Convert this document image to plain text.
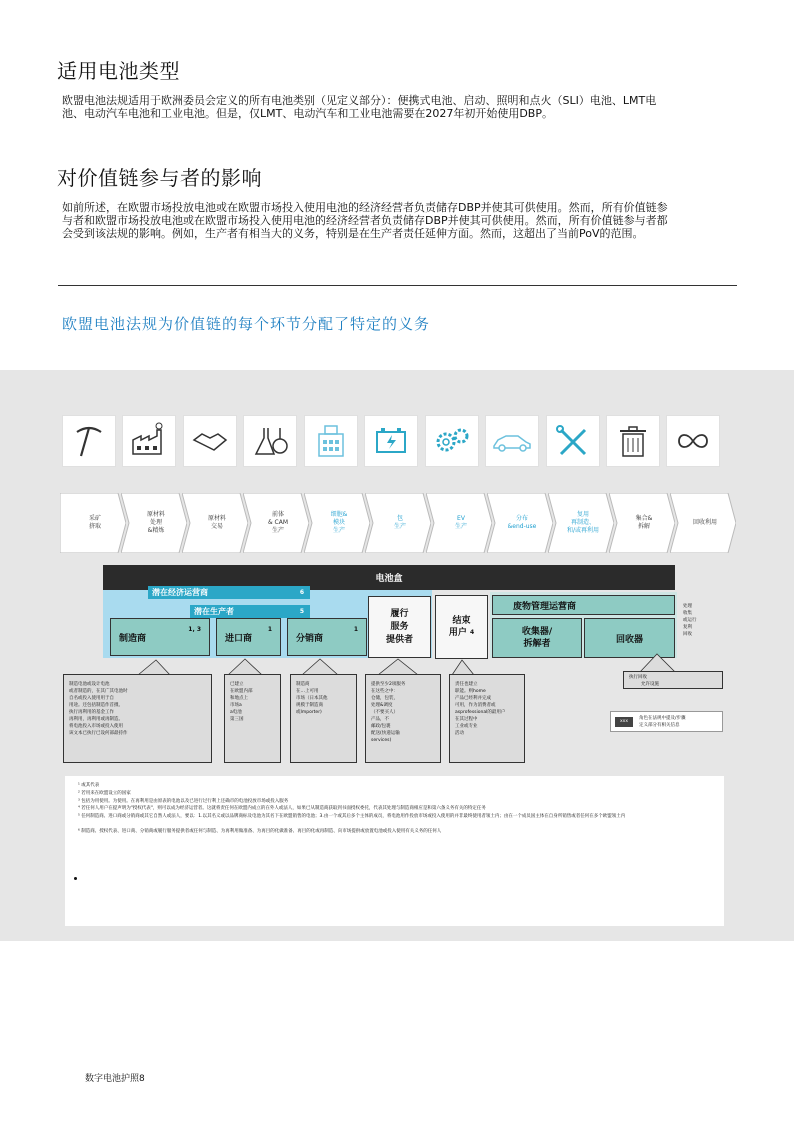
适用电池类型
欧盟电池法规适用于欧洲委员会定义的所有电池类别（见定义部分）：便携式电池、启动、照明和点火（SLI）电池、LMT电
池、电动汽车电池和工业电池。但是，仅LMT、电动汽车和工业电池需要在2027年初开始使用DBP。
对价值链参与者的影响
如前所述，在欧盟市场投放电池或在欧盟市场投入使用电池的经济经营者负责储存DBP并使其可供使用。然而，所有价值链参
与者和欧盟市场投放电池或在欧盟市场投入使用电池的经济经营者负责储存DBP并使其可供使用。然而，所有价值链参与者都
会受到该法规的影响。例如，生产者有相当大的义务，特别是在生产者责任延伸方面。然而，这超出了当前PoV的范围。
欧盟电池法规为价值链的每个环节分配了特定的义务
采矿
挤取
原材料
处理
&精炼
原材料
交易
前体
& CAM
生产
细胞&
模块
生产
包
生产
EV
生产
分布
&end-use
复用
再制造、
和/或再利用
集合&
拆解
回收利用
电池盒
潜在经济运营商	6
潜在生产者	5
制造商
1, 3
进口商
1
分销商
1
履行
服务
提供者
结束
用户 $^4$
废物管理运营商
收集器/
拆解者	回收器
处理
收集
或运行
复利
回收
制造电池或设计电池
或者制造的，在其广其电池时
自名或投入使用用于自
用途。还包括制造作首摄。
执行再利用的基金工作
再利用，再利用或再制造。
将电池投入市场或投入使用
该文本已执行已设何部最持作
已建立
在欧盟内部
和地点上
市场a
a电池
第三国
制造商
在…上可用
市场（日本其他
规模于制造商
或Importer)
提供至少2项服务
在这些之中：
仓储，包装，
处理&调度
（不要买人）
产品，不
邮政/包裹
配送(快递运输
services)
责任也建立
职能。则home
产品已经利并完成
可用，作为消费者或
asprofessional的最用户
在其过程中
工业或专业
活动
执行回收
允许设施
xxx
角色在法规中提及/步骤
定义部分有相关信息
¹ 或其代表
² 若用来在欧盟设立的国家
³ 包括为用使用。为使用。在再利用是由原表的电池以及已进行过行利上还确市的电池投放市场或投入服务
⁴ 若任何人用户在提声明为"授权代表"，则可以成为经济运营者。这就将责任何在欧盟内成立的在外人或法人，如果已从制造商获取到书面授权委托，代表其处理与制造商相应是和第六条义务有关的特定任务
⁵ 任何制造商、进口商或分销商或其它自然人或法人，要以：1.以其名义或以品牌商标及电池为其名下在欧盟销售的电池；3.由一个或其后多个主体的成员，将电池用作投放市场或投入使用的并非最终使用者领土内；由在一个成员国主体在自身所销售或者任何在多个欧盟领土内
⁶ 制造商、授权代表、进口商、分销商或履行服务提供者或任何与制造、为再利用做准备、为再目的化做准备、再目的化或再制造、向市场提供或放置电池或投入使用有关义务的任何人
数字电池护照8
